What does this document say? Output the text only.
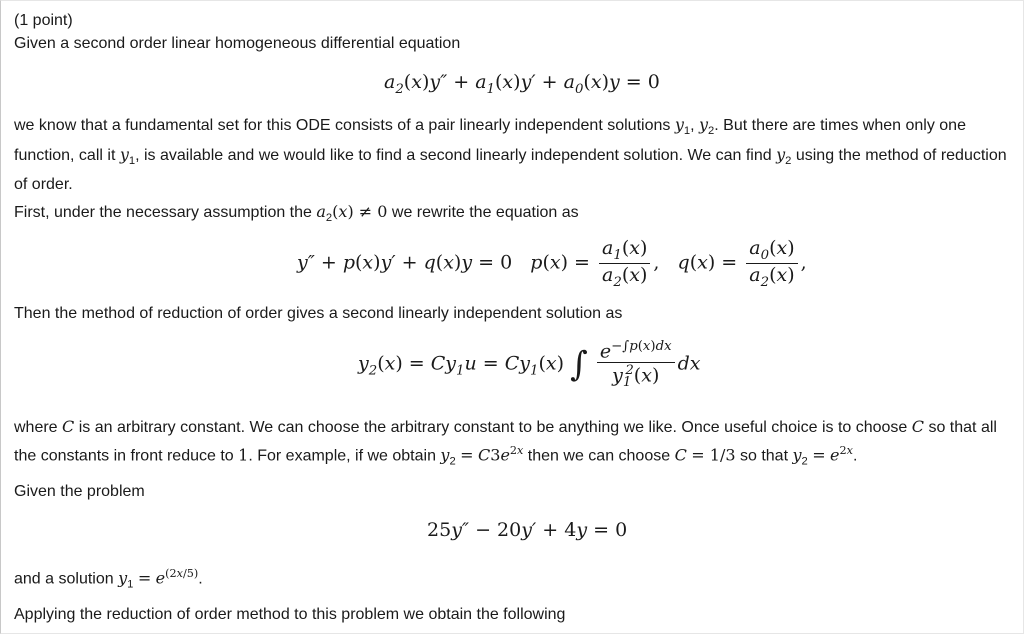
(1 point)
Given a second order linear homogeneous differential equation
$a_2(x)y'' + a_1(x)y' + a_0(x)y = 0$
we know that a fundamental set for this ODE consists of a pair linearly independent solutions $y_1$, $y_2$. But there are times when only one function, call it $y_1$, is available and we would like to find a second linearly independent solution. We can find $y_2$ using the method of reduction of order.
First, under the necessary assumption the $a_2(x) \ne 0$ we rewrite the equation as
y″ + p(x)y′ + q(x)y = 0   $p(x) = \frac{a_1(x)}{a_2(x)}$ ,   $q(x) = \frac{a_0(x)}{a_2(x)}$ ,
Then the method of reduction of order gives a second linearly independent solution as
$y_2(x) = Cy_1u = Cy_1(x)$ ∫ $\frac{e^{-\int p(x)dx}}{y_1^2(x)}$ dx
where C is an arbitrary constant. We can choose the arbitrary constant to be anything we like. Once useful choice is to choose C so that all the constants in front reduce to 1. For example, if we obtain $y_2 = C3e^{2x}$ then we can choose C = 1/3 so that $y_2 = e^{2x}$.
Given the problem
25y″ − 20y′ + 4y = 0
and a solution $y_1 = e^{(2x/5)}$.
Applying the reduction of order method to this problem we obtain the following
